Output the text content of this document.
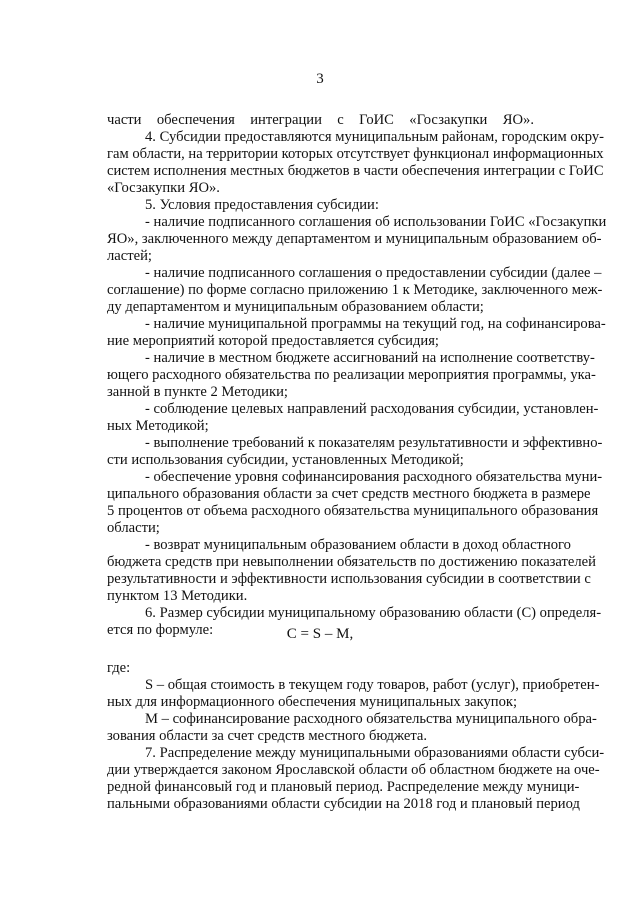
3
части обеспечения интеграции с ГоИС «Госзакупки ЯО».
4. Субсидии предоставляются муниципальным районам, городским окру-
гам области, на территории которых отсутствует функционал информационных
систем исполнения местных бюджетов в части обеспечения интеграции с ГоИС
«Госзакупки ЯО».
5. Условия предоставления субсидии:
- наличие подписанного соглашения об использовании ГоИС «Госзакупки
ЯО», заключенного между департаментом и муниципальным образованием об-
ластей;
- наличие подписанного соглашения о предоставлении субсидии (далее –
соглашение) по форме согласно приложению 1 к Методике, заключенного меж-
ду департаментом и муниципальным образованием области;
- наличие муниципальной программы на текущий год, на софинансирова-
ние мероприятий которой предоставляется субсидия;
- наличие в местном бюджете ассигнований на исполнение соответству-
ющего расходного обязательства по реализации мероприятия программы, ука-
занной в пункте 2 Методики;
- соблюдение целевых направлений расходования субсидии, установлен-
ных Методикой;
- выполнение требований к показателям результативности и эффективно-
сти использования субсидии, установленных Методикой;
- обеспечение уровня софинансирования расходного обязательства муни-
ципального образования области за счет средств местного бюджета в размере
5 процентов от объема расходного обязательства муниципального образования
области;
- возврат муниципальным образованием области в доход областного
бюджета средств при невыполнении обязательств по достижению показателей
результативности и эффективности использования субсидии в соответствии с
пунктом 13 Методики.
6. Размер субсидии муниципальному образованию области (С) определя-
ется по формуле:	С = S – M,
где:
S – общая стоимость в текущем году товаров, работ (услуг), приобретен-
ных для информационного обеспечения муниципальных закупок;
М – софинансирование расходного обязательства муниципального обра-
зования области за счет средств местного бюджета.
7. Распределение между муниципальными образованиями области субси-
дии утверждается законом Ярославской области об областном бюджете на оче-
редной финансовый год и плановый период. Распределение между муници-
пальными образованиями области субсидии на 2018 год и плановый период
